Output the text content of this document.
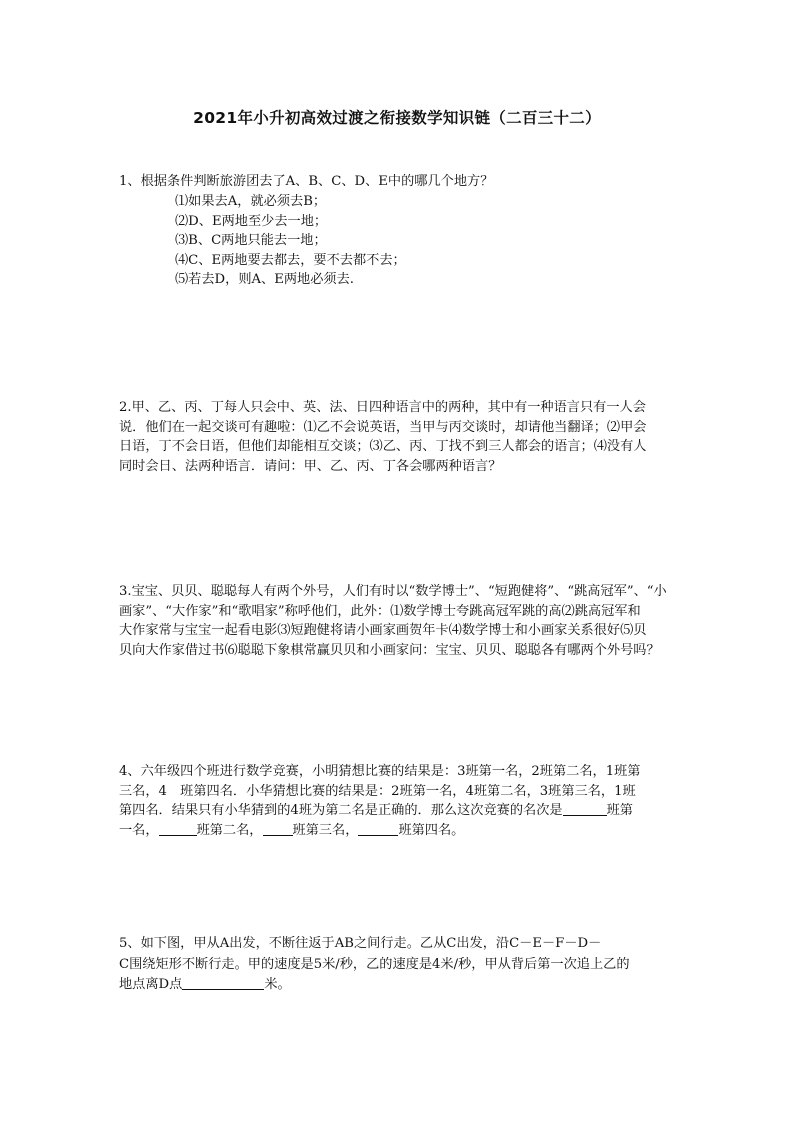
2021年小升初高效过渡之衔接数学知识链（二百三十二）

1、根据条件判断旅游团去了A、B、C、D、E中的哪几个地方？

⑴如果去A，就必须去B；

⑵D、E两地至少去一地；

⑶B、C两地只能去一地；

⑷C、E两地要去都去，要不去都不去；

⑸若去D，则A、E两地必须去.

2.甲、乙、丙、丁每人只会中、英、法、日四种语言中的两种，其中有一种语言只有一人会

说．他们在一起交谈可有趣啦：⑴乙不会说英语，当甲与丙交谈时，却请他当翻译；⑵甲会

日语，丁不会日语，但他们却能相互交谈；⑶乙、丙、丁找不到三人都会的语言；⑷没有人

同时会日、法两种语言．请问：甲、乙、丙、丁各会哪两种语言？

3.宝宝、贝贝、聪聪每人有两个外号，人们有时以“数学博士”、“短跑健将”、“跳高冠军”、“小

画家”、“大作家”和“歌唱家”称呼他们，此外：⑴数学博士夸跳高冠军跳的高⑵跳高冠军和

大作家常与宝宝一起看电影⑶短跑健将请小画家画贺年卡⑷数学博士和小画家关系很好⑸贝

贝向大作家借过书⑹聪聪下象棋常赢贝贝和小画家问：宝宝、贝贝、聪聪各有哪两个外号吗？

4、六年级四个班进行数学竞赛，小明猜想比赛的结果是：3班第一名，2班第二名，1班第

三名，4　班第四名．小华猜想比赛的结果是：2班第一名，4班第二名，3班第三名，1班

第四名．结果只有小华猜到的4班为第二名是正确的．那么这次竞赛的名次是	班第

一名，	班第二名， 班第三名，	班第四名。

5、如下图，甲从A出发，不断往返于AB之间行走。乙从C出发，沿C－E－F－D－

C围绕矩形不断行走。甲的速度是5米/秒，乙的速度是4米/秒，甲从背后第一次追上乙的

地点离D点	米。
